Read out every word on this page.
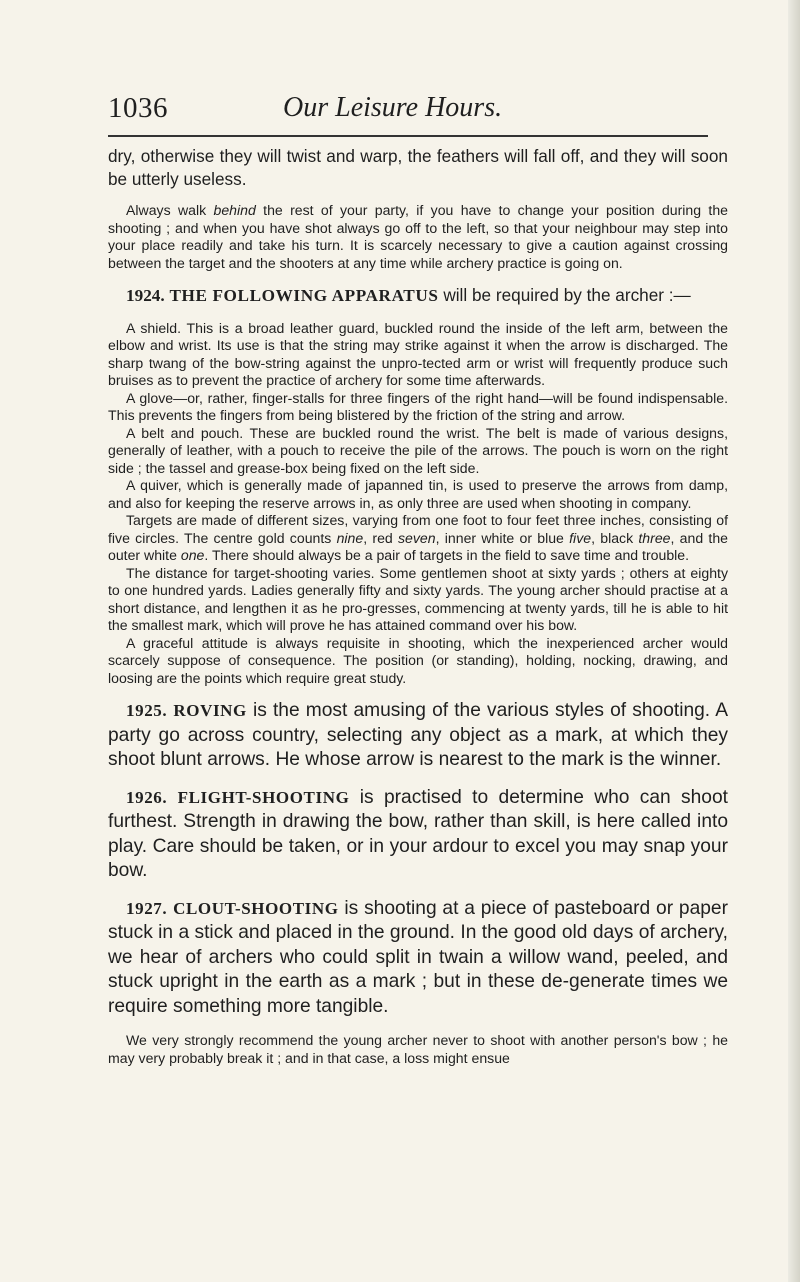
1036	Our Leisure Hours.

dry, otherwise they will twist and warp, the feathers will fall off, and they will soon be utterly useless.

Always walk behind the rest of your party, if you have to change your position during the shooting ; and when you have shot always go off to the left, so that your neighbour may step into your place readily and take his turn. It is scarcely necessary to give a caution against crossing between the target and the shooters at any time while archery practice is going on.

1924. THE FOLLOWING APPARATUS will be required by the archer :—

A shield. This is a broad leather guard, buckled round the inside of the left arm, between the elbow and wrist. Its use is that the string may strike against it when the arrow is discharged. The sharp twang of the bow-string against the unpro-tected arm or wrist will frequently produce such bruises as to prevent the practice of archery for some time afterwards.

A glove—or, rather, finger-stalls for three fingers of the right hand—will be found indispensable. This prevents the fingers from being blistered by the friction of the string and arrow.

A belt and pouch. These are buckled round the wrist. The belt is made of various designs, generally of leather, with a pouch to receive the pile of the arrows. The pouch is worn on the right side ; the tassel and grease-box being fixed on the left side.

A quiver, which is generally made of japanned tin, is used to preserve the arrows from damp, and also for keeping the reserve arrows in, as only three are used when shooting in company.

Targets are made of different sizes, varying from one foot to four feet three inches, consisting of five circles. The centre gold counts nine, red seven, inner white or blue five, black three, and the outer white one. There should always be a pair of targets in the field to save time and trouble.

The distance for target-shooting varies. Some gentlemen shoot at sixty yards ; others at eighty to one hundred yards. Ladies generally fifty and sixty yards. The young archer should practise at a short distance, and lengthen it as he pro-gresses, commencing at twenty yards, till he is able to hit the smallest mark, which will prove he has attained command over his bow.

A graceful attitude is always requisite in shooting, which the inexperienced archer would scarcely suppose of consequence. The position (or standing), holding, nocking, drawing, and loosing are the points which require great study.

1925. ROVING is the most amusing of the various styles of shooting. A party go across country, selecting any object as a mark, at which they shoot blunt arrows. He whose arrow is nearest to the mark is the winner.

1926. FLIGHT-SHOOTING is practised to determine who can shoot furthest. Strength in drawing the bow, rather than skill, is here called into play. Care should be taken, or in your ardour to excel you may snap your bow.

1927. CLOUT-SHOOTING is shooting at a piece of pasteboard or paper stuck in a stick and placed in the ground. In the good old days of archery, we hear of archers who could split in twain a willow wand, peeled, and stuck upright in the earth as a mark ; but in these de-generate times we require something more tangible.

We very strongly recommend the young archer never to shoot with another person's bow ; he may very probably break it ; and in that case, a loss might ensue
